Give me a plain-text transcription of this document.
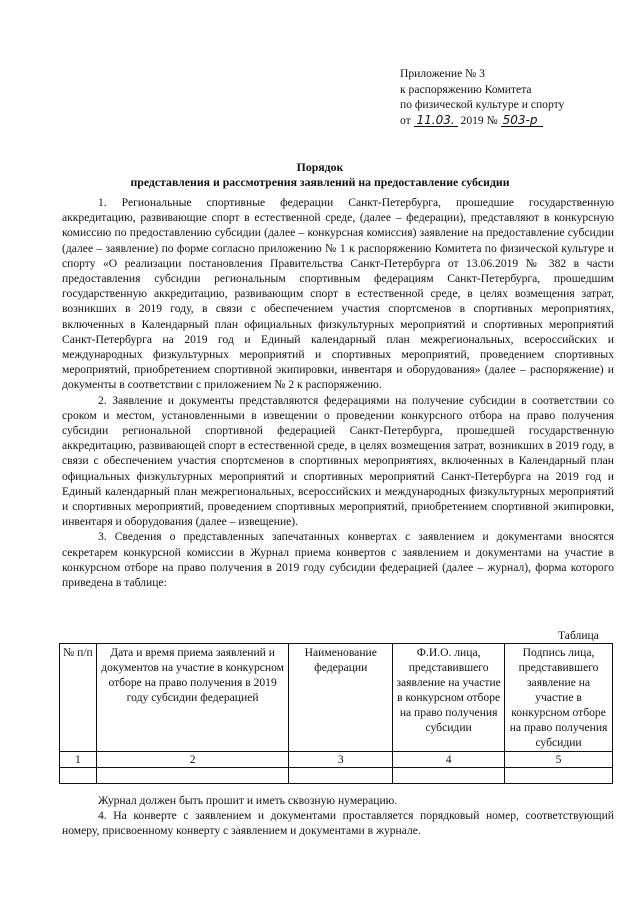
Приложение № 3
к распоряжению Комитета
по физической культуре и спорту
от 11.03. 2019 № 503-р
Порядок
представления и рассмотрения заявлений на предоставление субсидии

1. Региональные спортивные федерации Санкт-Петербурга, прошедшие государственную аккредитацию, развивающие спорт в естественной среде, (далее – федерации), представляют в конкурсную комиссию по предоставлению субсидии (далее – конкурсная комиссия) заявление на предоставление субсидии (далее – заявление) по форме согласно приложению № 1 к распоряжению Комитета по физической культуре и спорту «О реализации постановления Правительства Санкт-Петербурга от 13.06.2019 № 382 в части предоставления субсидии региональным спортивным федерациям Санкт-Петербурга, прошедшим государственную аккредитацию, развивающим спорт в естественной среде, в целях возмещения затрат, возникших в 2019 году, в связи с обеспечением участия спортсменов в спортивных мероприятиях, включенных в Календарный план официальных физкультурных мероприятий и спортивных мероприятий Санкт-Петербурга на 2019 год и Единый календарный план межрегиональных, всероссийских и международных физкультурных мероприятий и спортивных мероприятий, проведением спортивных мероприятий, приобретением спортивной экипировки, инвентаря и оборудования» (далее – распоряжение) и документы в соответствии с приложением № 2 к распоряжению.

2. Заявление и документы представляются федерациями на получение субсидии в соответствии со сроком и местом, установленными в извещении о проведении конкурсного отбора на право получения субсидии региональной спортивной федерацией Санкт-Петербурга, прошедшей государственную аккредитацию, развивающей спорт в естественной среде, в целях возмещения затрат, возникших в 2019 году, в связи с обеспечением участия спортсменов в спортивных мероприятиях, включенных в Календарный план официальных физкультурных мероприятий и спортивных мероприятий Санкт-Петербурга на 2019 год и Единый календарный план межрегиональных, всероссийских и международных физкультурных мероприятий и спортивных мероприятий, проведением спортивных мероприятий, приобретением спортивной экипировки, инвентаря и оборудования (далее – извещение).

3. Сведения о представленных запечатанных конвертах с заявлением и документами вносятся секретарем конкурсной комиссии в Журнал приема конвертов с заявлением и документами на участие в конкурсном отборе на право получения в 2019 году субсидии федерацией (далее – журнал), форма которого приведена в таблице:

Таблица
№ п/п	Дата и время приема заявлений и документов на участие в конкурсном отборе на право получения в 2019 году субсидии федерацией	Наименование федерации	Ф.И.О. лица, представившего заявление на участие в конкурсном отборе на право получения субсидии	Подпись лица, представившего заявление на участие в конкурсном отборе на право получения субсидии
1	2	3	4	5

Журнал должен быть прошит и иметь сквозную нумерацию.

4. На конверте с заявлением и документами проставляется порядковый номер, соответствующий номеру, присвоенному конверту с заявлением и документами в журнале.
